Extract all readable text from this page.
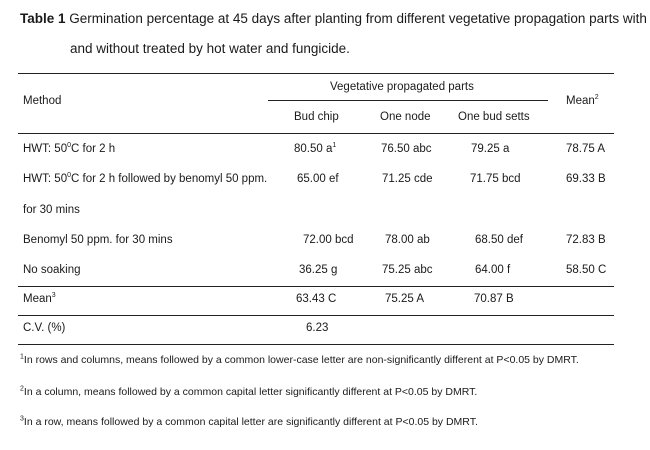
Table 1 Germination percentage at 45 days after planting from different vegetative propagation parts with
and without treated by hot water and fungicide.
Method
Vegetative propagated parts
Mean$^2$
Bud chip	One node One bud setts
HWT: $50^0C$ for 2 h	80.50 $a^1$	76.50 abc	79.25 a	78.75 A
HWT: $50^0C$ for 2 h followed by benomyl 50 ppm.
for 30 mins
65.00 ef	71.25 cde	71.75 bcd	69.33 B
Benomyl 50 ppm. for 30 mins	72.00 bcd	78.00 ab	68.50 def	72.83 B
No soaking	36.25 g	75.25 abc	64.00 f	58.50 C
Mean$^3$	63.43 C	75.25 A	70.87 B
C.V. (%)	6.23
$^1$In rows and columns, means followed by a common lower-case letter are non-significantly different at P<0.05 by DMRT.
$^2$In a column, means followed by a common capital letter significantly different at P<0.05 by DMRT.
$^3$In a row, means followed by a common capital letter are significantly different at P<0.05 by DMRT.
